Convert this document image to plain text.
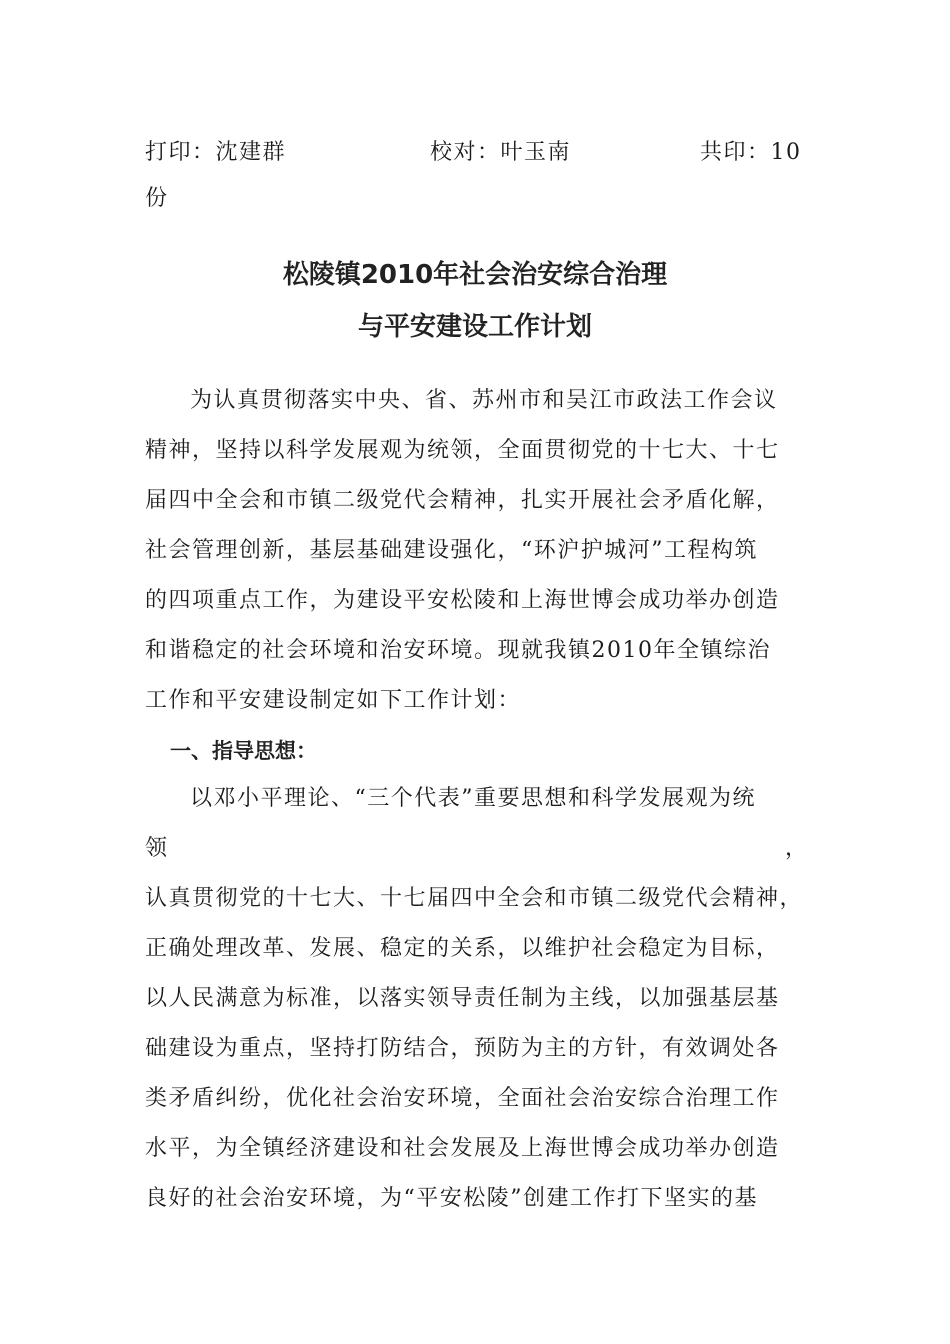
打印：沈建群	校对：叶玉南	共印：10
份
松陵镇2010年社会治安综合治理
与平安建设工作计划
为认真贯彻落实中央、省、苏州市和吴江市政法工作会议
精神，坚持以科学发展观为统领，全面贯彻党的十七大、十七
届四中全会和市镇二级党代会精神，扎实开展社会矛盾化解，
社会管理创新，基层基础建设强化，“环沪护城河”工程构筑
的四项重点工作，为建设平安松陵和上海世博会成功举办创造
和谐稳定的社会环境和治安环境。现就我镇2010年全镇综治
工作和平安建设制定如下工作计划：
一、指导思想：
以邓小平理论、“三个代表”重要思想和科学发展观为统
领	，
认真贯彻党的十七大、十七届四中全会和市镇二级党代会精神，
正确处理改革、发展、稳定的关系，以维护社会稳定为目标，
以人民满意为标准，以落实领导责任制为主线，以加强基层基
础建设为重点，坚持打防结合，预防为主的方针，有效调处各
类矛盾纠纷，优化社会治安环境，全面社会治安综合治理工作
水平，为全镇经济建设和社会发展及上海世博会成功举办创造
良好的社会治安环境，为“平安松陵”创建工作打下坚实的基
